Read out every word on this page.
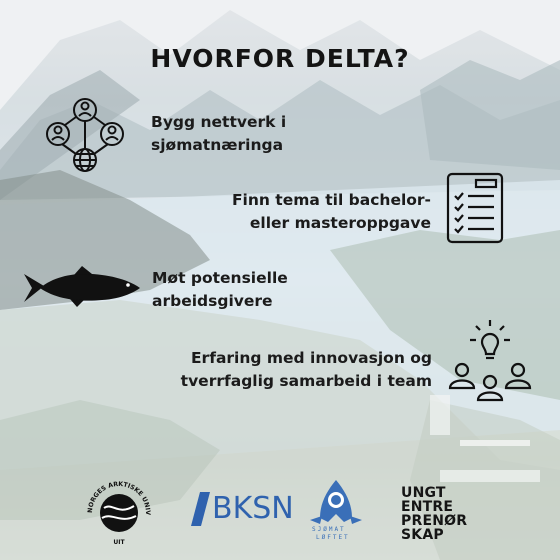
HVORFOR DELTA?
Bygg nettverk i
sjømatnæringa
Finn tema til bachelor-
eller masteroppgave
Møt potensielle
arbeidsgivere
Erfaring med innovasjon og
tverrfaglig samarbeid i team
NORGES ARKTISKE UNIV
UIT
BKSN
SJØMAT
LØFTET
UNGT
ENTRE
PRENØR
SKAP
